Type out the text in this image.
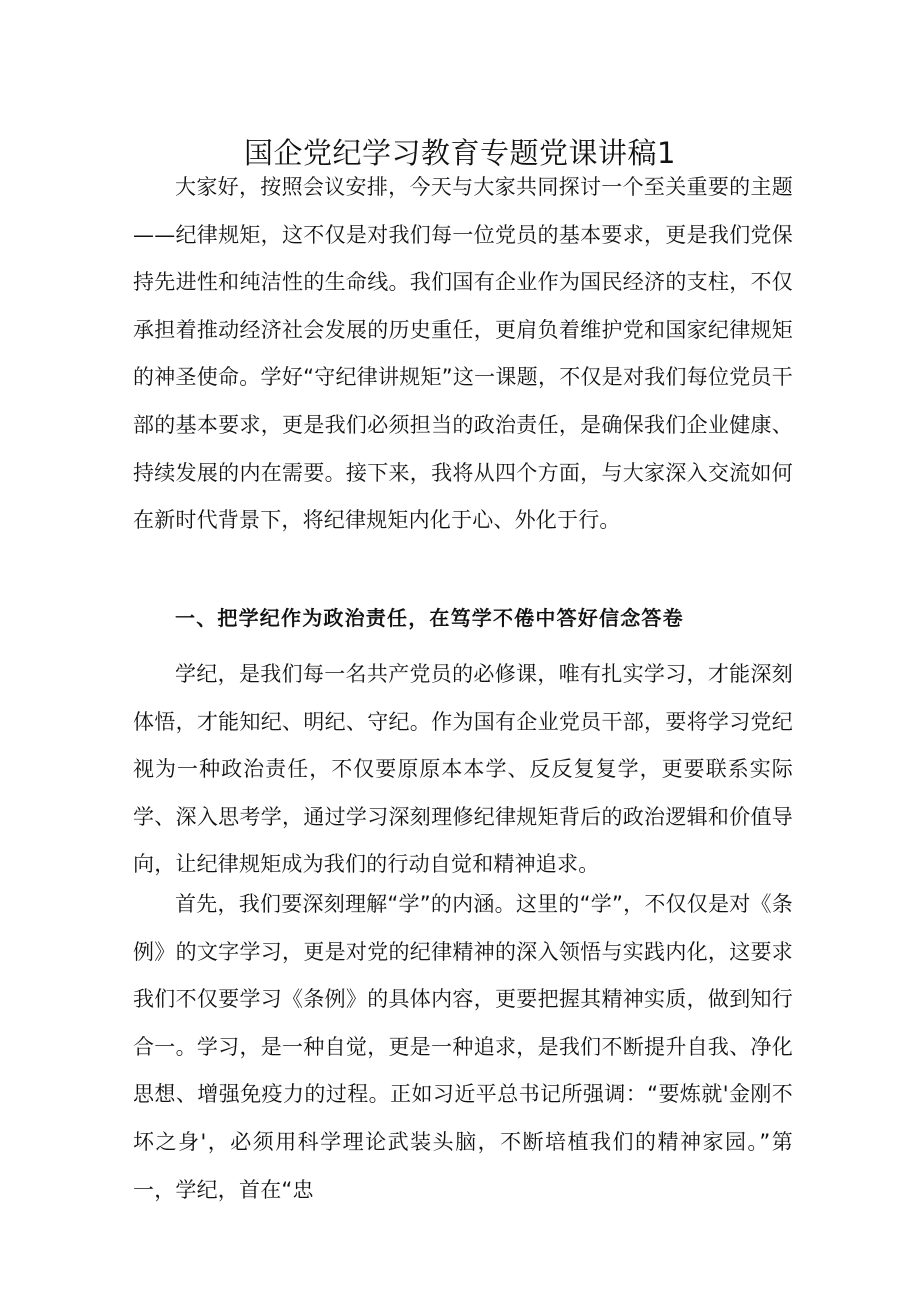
国企党纪学习教育专题党课讲稿1

大家好，按照会议安排，今天与大家共同探讨一个至关重要的主题——纪律规矩，这不仅是对我们每一位党员的基本要求，更是我们党保持先进性和纯洁性的生命线。我们国有企业作为国民经济的支柱，不仅承担着推动经济社会发展的历史重任，更肩负着维护党和国家纪律规矩的神圣使命。学好“守纪律讲规矩”这一课题，不仅是对我们每位党员干部的基本要求，更是我们必须担当的政治责任，是确保我们企业健康、持续发展的内在需要。接下来，我将从四个方面，与大家深入交流如何在新时代背景下，将纪律规矩内化于心、外化于行。

一、把学纪作为政治责任，在笃学不倦中答好信念答卷

学纪，是我们每一名共产党员的必修课，唯有扎实学习，才能深刻体悟，才能知纪、明纪、守纪。作为国有企业党员干部，要将学习党纪视为一种政治责任，不仅要原原本本学、反反复复学，更要联系实际学、深入思考学，通过学习深刻理修纪律规矩背后的政治逻辑和价值导向，让纪律规矩成为我们的行动自觉和精神追求。

首先，我们要深刻理解“学”的内涵。这里的“学”，不仅仅是对《条例》的文字学习，更是对党的纪律精神的深入领悟与实践内化，这要求我们不仅要学习《条例》的具体内容，更要把握其精神实质，做到知行合一。学习，是一种自觉，更是一种追求，是我们不断提升自我、净化思想、增强免疫力的过程。正如习近平总书记所强调：“要炼就'金刚不坏之身'，必须用科学理论武装头脑，不断培植我们的精神家园。”第一，学纪，首在“忠
